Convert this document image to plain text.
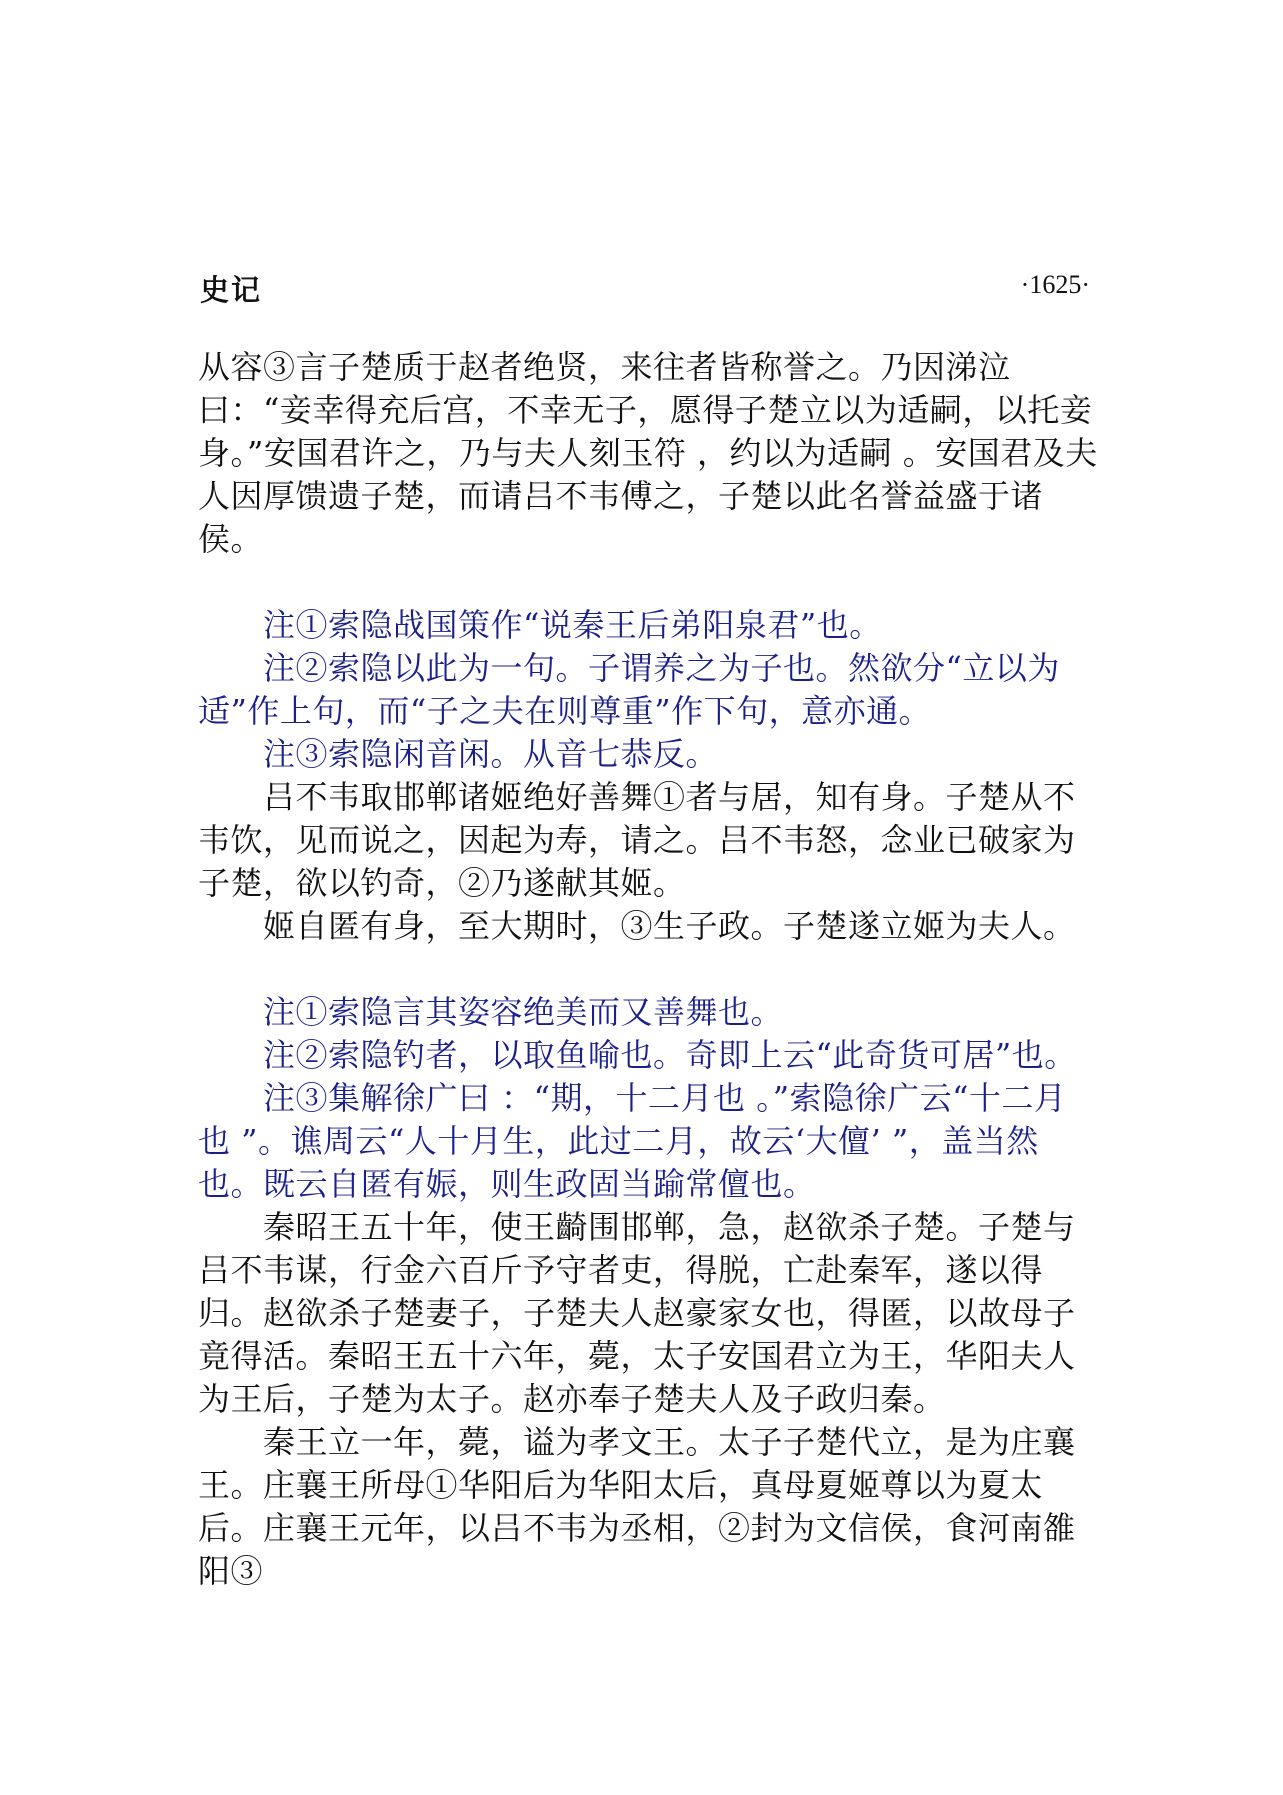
史记	·1625·

从容③言子楚质于赵者绝贤，来往者皆称誉之。乃因涕泣曰：“妾幸得充后宫，不幸无子，愿得子楚立以为适嗣，以托妾身。”安国君许之，乃与夫人刻玉符 ，约以为适嗣 。安国君及夫人因厚馈遗子楚，而请吕不韦傅之，子楚以此名誉益盛于诸侯。

注①索隐战国策作“说秦王后弟阳泉君”也。

注②索隐以此为一句。子谓养之为子也。然欲分“立以为适”作上句，而“子之夫在则尊重”作下句，意亦通。

注③索隐闲音闲。从音七恭反。

吕不韦取邯郸诸姬绝好善舞①者与居，知有身。子楚从不韦饮，见而说之，因起为寿，请之。吕不韦怒，念业已破家为子楚，欲以钓奇，②乃遂献其姬。

姬自匿有身，至大期时，③生子政。子楚遂立姬为夫人。

注①索隐言其姿容绝美而又善舞也。

注②索隐钓者，以取鱼喻也。奇即上云“此奇货可居”也。

注③集解徐广曰 ：“期，十二月也 。”索隐徐广云“十二月也 ”。谯周云“人十月生，此过二月，故云‘大儃’ ”，盖当然也。既云自匿有娠，则生政固当踰常儃也。

秦昭王五十年，使王齮围邯郸，急，赵欲杀子楚。子楚与吕不韦谋，行金六百斤予守者吏，得脱，亡赴秦军，遂以得归。赵欲杀子楚妻子，子楚夫人赵豪家女也，得匿，以故母子竟得活。秦昭王五十六年，薨，太子安国君立为王，华阳夫人为王后，子楚为太子。赵亦奉子楚夫人及子政归秦。

秦王立一年，薨，谥为孝文王。太子子楚代立，是为庄襄王。庄襄王所母①华阳后为华阳太后，真母夏姬尊以为夏太后。庄襄王元年，以吕不韦为丞相，②封为文信侯，食河南雒阳③
